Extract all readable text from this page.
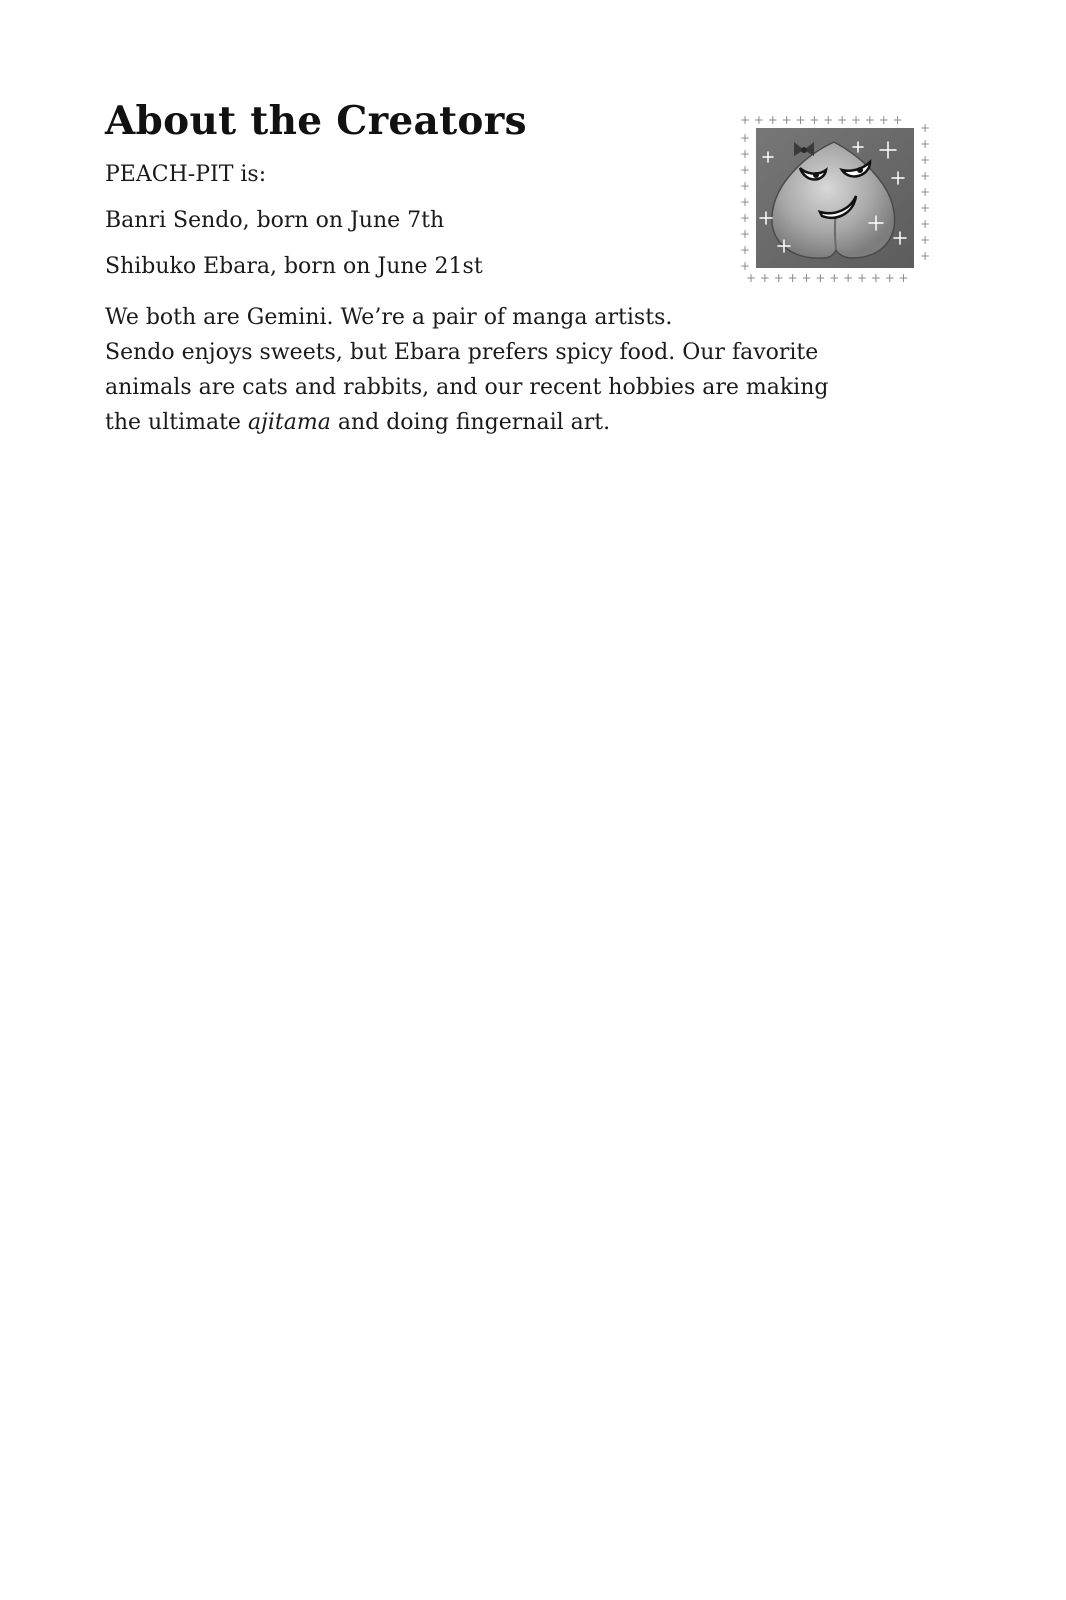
About the Creators

PEACH-PIT is:

Banri Sendo, born on June 7th

Shibuko Ebara, born on June 21st

We both are Gemini. We’re a pair of manga artists.
Sendo enjoys sweets, but Ebara prefers spicy food. Our favorite
animals are cats and rabbits, and our recent hobbies are making
the ultimate ajitama and doing fingernail art.
+ + + + + + + + + + + +
+ + + + + + + + + + + +
+
+
+
+
+
+
+
+
+
+
+
+
+
+
+
+
+
+
